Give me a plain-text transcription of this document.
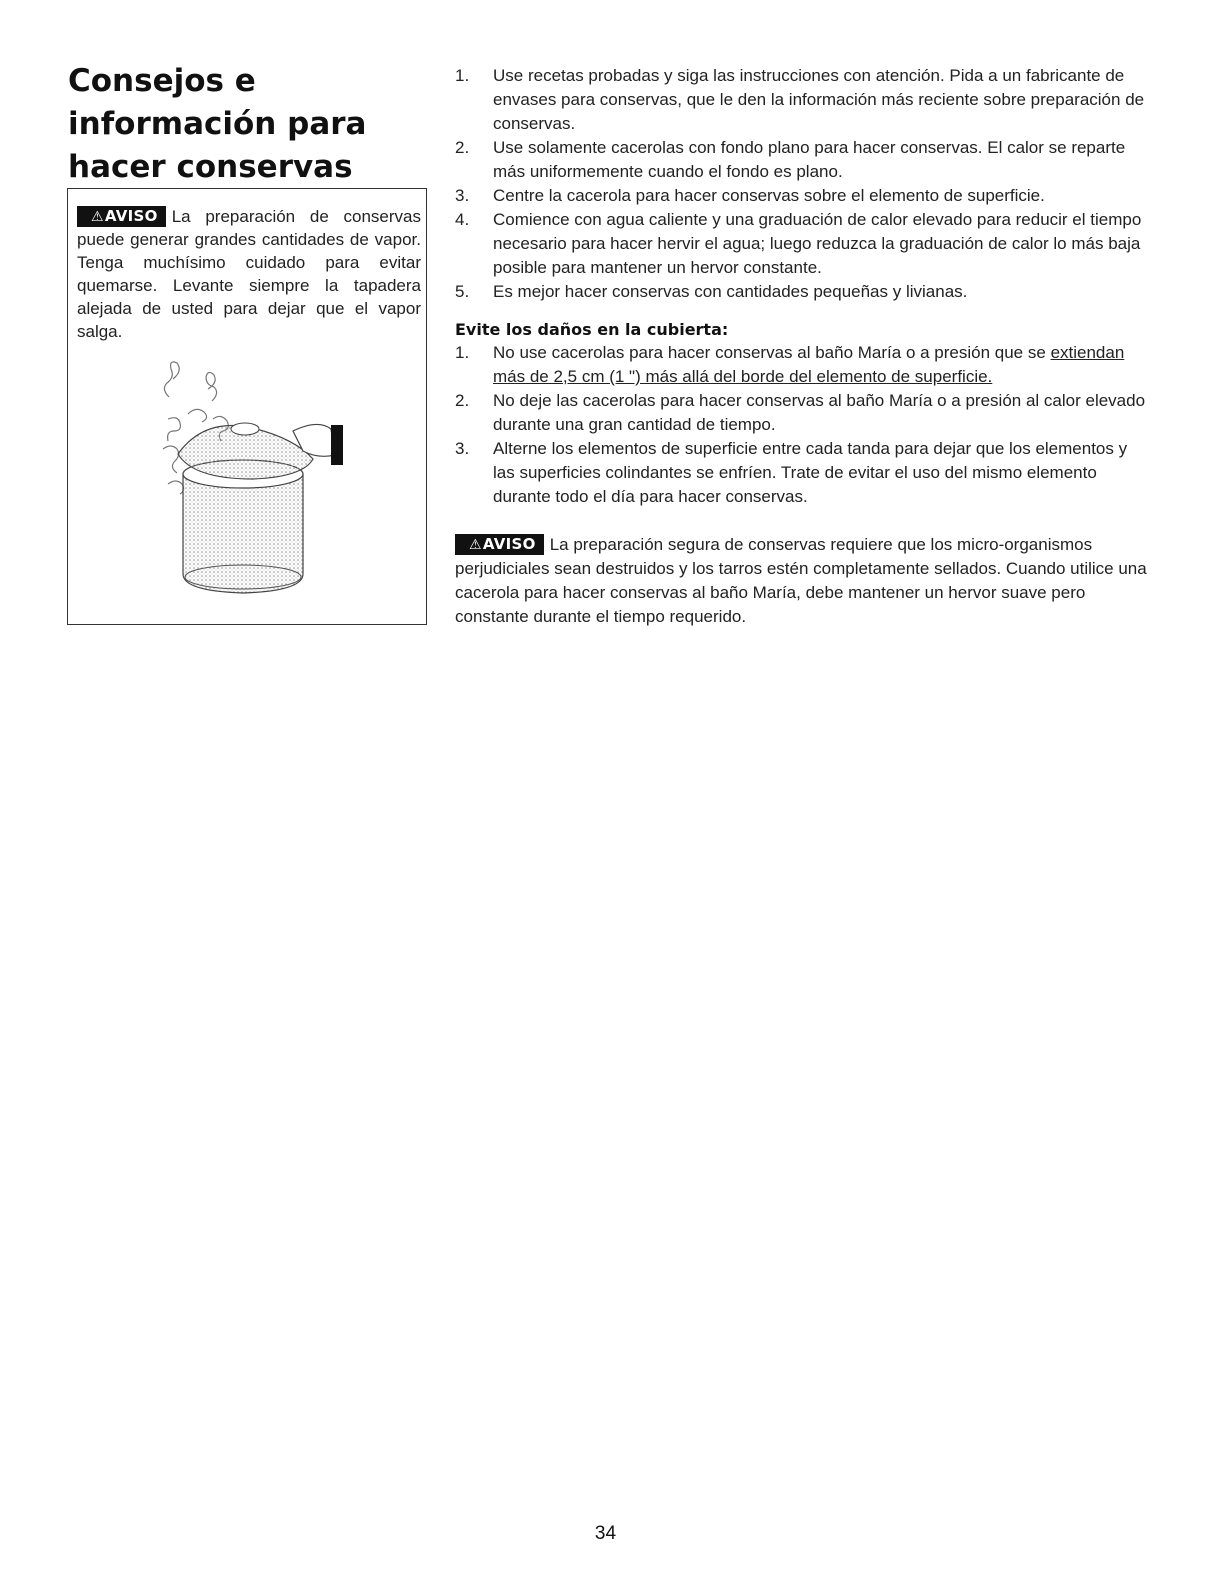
Consejos e
información para
hacer conservas

⚠AVISO La preparación de conservas puede generar grandes cantidades de vapor. Tenga muchísimo cuidado para evitar quemarse. Levante siempre la tapadera alejada de usted para dejar que el vapor salga.

1. Use recetas probadas y siga las instrucciones con atención. Pida a un fabricante de envases para conservas, que le den la información más reciente sobre preparación de conservas.
2. Use solamente cacerolas con fondo plano para hacer conservas. El calor se reparte más uniformemente cuando el fondo es plano.
3. Centre la cacerola para hacer conservas sobre el elemento de superficie.
4. Comience con agua caliente y una graduación de calor elevado para reducir el tiempo necesario para hacer hervir el agua; luego reduzca la graduación de calor lo más baja posible para mantener un hervor constante.
5. Es mejor hacer conservas con cantidades pequeñas y livianas.
Evite los daños en la cubierta:
1. No use cacerolas para hacer conservas al baño María o a presión que se extiendan más de 2,5 cm (1 ") más allá del borde del elemento de superficie.
2. No deje las cacerolas para hacer conservas al baño María o a presión al calor elevado durante una gran cantidad de tiempo.
3. Alterne los elementos de superficie entre cada tanda para dejar que los elementos y las superficies colindantes se enfríen. Trate de evitar el uso del mismo elemento durante todo el día para hacer conservas.

⚠AVISO La preparación segura de conservas requiere que los micro-organismos perjudiciales sean destruidos y los tarros estén completamente sellados. Cuando utilice una cacerola para hacer conservas al baño María, debe mantener un hervor suave pero constante durante el tiempo requerido.

34
